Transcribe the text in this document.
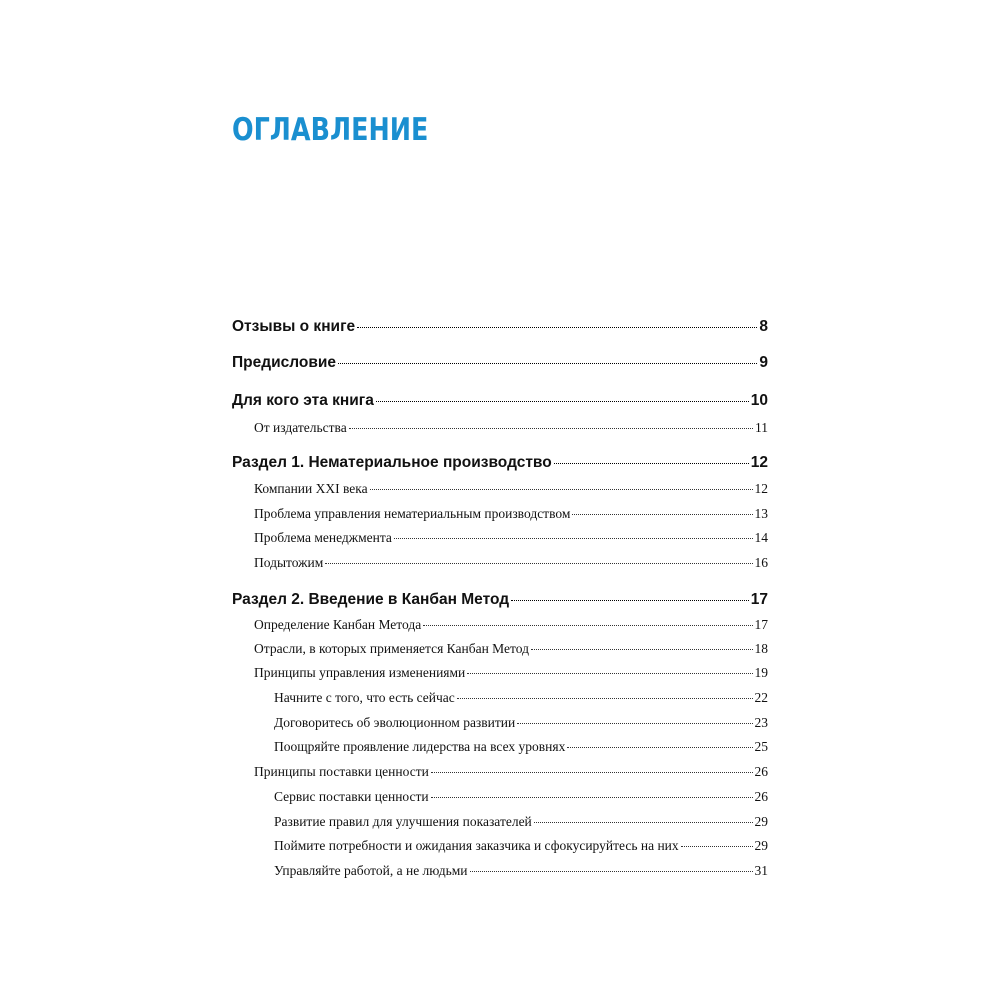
ОГЛАВЛЕНИЕ
Отзывы о книге	8
Предисловие	9
Для кого эта книга	10
От издательства	11
Раздел 1. Нематериальное производство	12
Компании XXI века	12
Проблема управления нематериальным производством	13
Проблема менеджмента	14
Подытожим	16
Раздел 2. Введение в Канбан Метод	17
Определение Канбан Метода	17
Отрасли, в которых применяется Канбан Метод	18
Принципы управления изменениями	19
Начните с того, что есть сейчас	22
Договоритесь об эволюционном развитии	23
Поощряйте проявление лидерства на всех уровнях	25
Принципы поставки ценности	26
Сервис поставки ценности	26
Развитие правил для улучшения показателей	29
Поймите потребности и ожидания заказчика и сфокусируйтесь на них	29
Управляйте работой, а не людьми	31
